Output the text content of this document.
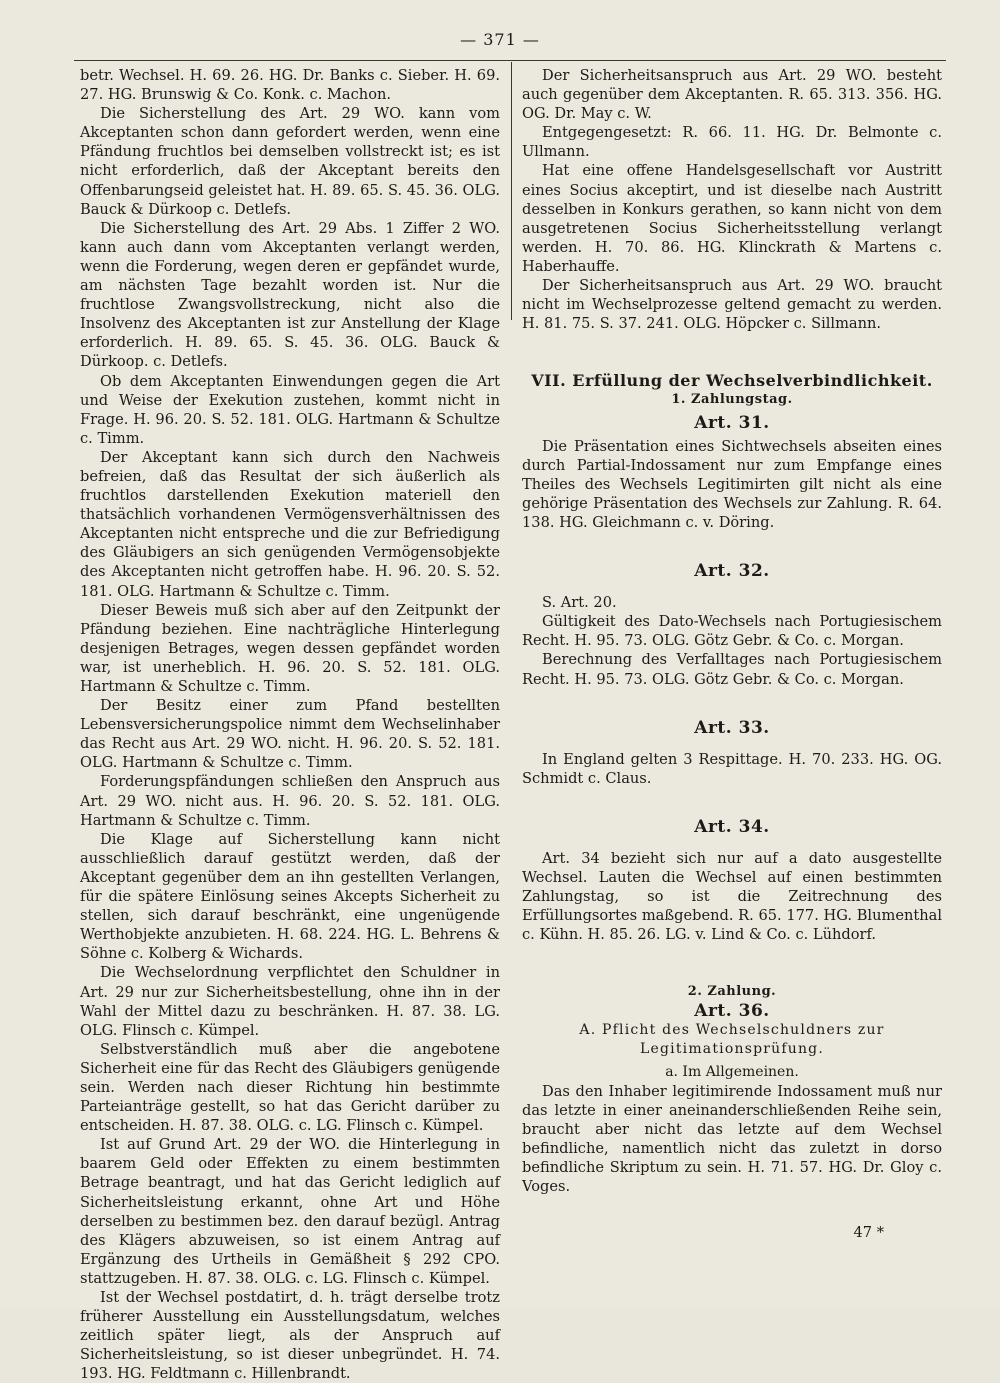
— 371 —

betr. Wechsel. H. 69. 26. HG. Dr. Banks c. Sieber. H. 69. 27. HG. Brunswig & Co. Konk. c. Machon.

Die Sicherstellung des Art. 29 WO. kann vom Akceptanten schon dann gefordert werden, wenn eine Pfändung fruchtlos bei demselben vollstreckt ist; es ist nicht erforderlich, daß der Akceptant bereits den Offenbarungseid geleistet hat. H. 89. 65. S. 45. 36. OLG. Bauck & Dürkoop c. Detlefs.

Die Sicherstellung des Art. 29 Abs. 1 Ziffer 2 WO. kann auch dann vom Akceptanten verlangt werden, wenn die Forderung, wegen deren er gepfändet wurde, am nächsten Tage bezahlt worden ist. Nur die fruchtlose Zwangsvollstreckung, nicht also die Insolvenz des Akceptanten ist zur Anstellung der Klage erforderlich. H. 89. 65. S. 45. 36. OLG. Bauck & Dürkoop. c. Detlefs.

Ob dem Akceptanten Einwendungen gegen die Art und Weise der Exekution zustehen, kommt nicht in Frage. H. 96. 20. S. 52. 181. OLG. Hartmann & Schultze c. Timm.

Der Akceptant kann sich durch den Nachweis befreien, daß das Resultat der sich äußerlich als fruchtlos darstellenden Exekution materiell den thatsächlich vorhandenen Vermögensverhältnissen des Akceptanten nicht entspreche und die zur Befriedigung des Gläubigers an sich genügenden Vermögensobjekte des Akceptanten nicht getroffen habe. H. 96. 20. S. 52. 181. OLG. Hartmann & Schultze c. Timm.

Dieser Beweis muß sich aber auf den Zeitpunkt der Pfändung beziehen. Eine nachträgliche Hinterlegung desjenigen Betrages, wegen dessen gepfändet worden war, ist unerheblich. H. 96. 20. S. 52. 181. OLG. Hartmann & Schultze c. Timm.

Der Besitz einer zum Pfand bestellten Lebensversicherungspolice nimmt dem Wechselinhaber das Recht aus Art. 29 WO. nicht. H. 96. 20. S. 52. 181. OLG. Hartmann & Schultze c. Timm.

Forderungspfändungen schließen den Anspruch aus Art. 29 WO. nicht aus. H. 96. 20. S. 52. 181. OLG. Hartmann & Schultze c. Timm.

Die Klage auf Sicherstellung kann nicht ausschließlich darauf gestützt werden, daß der Akceptant gegenüber dem an ihn gestellten Verlangen, für die spätere Einlösung seines Akcepts Sicherheit zu stellen, sich darauf beschränkt, eine ungenügende Werthobjekte anzubieten. H. 68. 224. HG. L. Behrens & Söhne c. Kolberg & Wichards.

Die Wechselordnung verpflichtet den Schuldner in Art. 29 nur zur Sicherheitsbestellung, ohne ihn in der Wahl der Mittel dazu zu beschränken. H. 87. 38. LG. OLG. Flinsch c. Kümpel.

Selbstverständlich muß aber die angebotene Sicherheit eine für das Recht des Gläubigers genügende sein. Werden nach dieser Richtung hin bestimmte Parteianträge gestellt, so hat das Gericht darüber zu entscheiden. H. 87. 38. OLG. c. LG. Flinsch c. Kümpel.

Ist auf Grund Art. 29 der WO. die Hinterlegung in baarem Geld oder Effekten zu einem bestimmten Betrage beantragt, und hat das Gericht lediglich auf Sicherheitsleistung erkannt, ohne Art und Höhe derselben zu bestimmen bez. den darauf bezügl. Antrag des Klägers abzuweisen, so ist einem Antrag auf Ergänzung des Urtheils in Gemäßheit § 292 CPO. stattzugeben. H. 87. 38. OLG. c. LG. Flinsch c. Kümpel.

Ist der Wechsel postdatirt, d. h. trägt derselbe trotz früherer Ausstellung ein Ausstellungsdatum, welches zeitlich später liegt, als der Anspruch auf Sicherheitsleistung, so ist dieser unbegründet. H. 74. 193. HG. Feldtmann c. Hillenbrandt.

Der Sicherheitsanspruch aus Art. 29 WO. besteht auch gegenüber dem Akceptanten. R. 65. 313. 356. HG. OG. Dr. May c. W.

Entgegengesetzt: R. 66. 11. HG. Dr. Belmonte c. Ullmann.

Hat eine offene Handelsgesellschaft vor Austritt eines Socius akceptirt, und ist dieselbe nach Austritt desselben in Konkurs gerathen, so kann nicht von dem ausgetretenen Socius Sicherheitsstellung verlangt werden. H. 70. 86. HG. Klinckrath & Martens c. Haberhauffe.

Der Sicherheitsanspruch aus Art. 29 WO. braucht nicht im Wechselprozesse geltend gemacht zu werden. H. 81. 75. S. 37. 241. OLG. Höpcker c. Sillmann.

VII. Erfüllung der Wechselverbindlichkeit.

1. Zahlungstag.

Art. 31.

Die Präsentation eines Sichtwechsels abseiten eines durch Partial-Indossament nur zum Empfange eines Theiles des Wechsels Legitimirten gilt nicht als eine gehörige Präsentation des Wechsels zur Zahlung. R. 64. 138. HG. Gleichmann c. v. Döring.

Art. 32.

S. Art. 20.

Gültigkeit des Dato-Wechsels nach Portugiesischem Recht. H. 95. 73. OLG. Götz Gebr. & Co. c. Morgan.

Berechnung des Verfalltages nach Portugiesischem Recht. H. 95. 73. OLG. Götz Gebr. & Co. c. Morgan.

Art. 33.

In England gelten 3 Respittage. H. 70. 233. HG. OG. Schmidt c. Claus.

Art. 34.

Art. 34 bezieht sich nur auf a dato ausgestellte Wechsel. Lauten die Wechsel auf einen bestimmten Zahlungstag, so ist die Zeitrechnung des Erfüllungsortes maßgebend. R. 65. 177. HG. Blumenthal c. Kühn. H. 85. 26. LG. v. Lind & Co. c. Lühdorf.

2. Zahlung.

Art. 36.

A. Pflicht des Wechselschuldners zur Legitimationsprüfung.

a. Im Allgemeinen.

Das den Inhaber legitimirende Indossament muß nur das letzte in einer aneinanderschließenden Reihe sein, braucht aber nicht das letzte auf dem Wechsel befindliche, namentlich nicht das zuletzt in dorso befindliche Skriptum zu sein. H. 71. 57. HG. Dr. Gloy c. Voges.

47 *
